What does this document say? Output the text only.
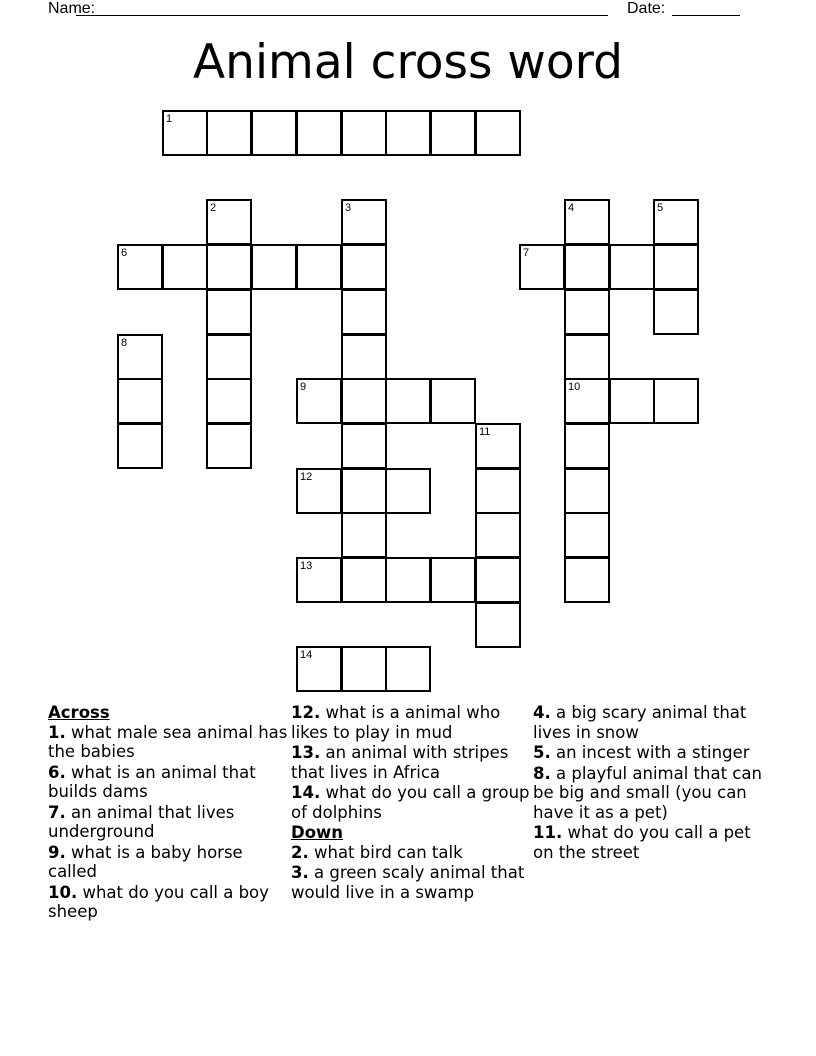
Name:	Date:
Animal cross word
1
6	7
9	10
12
13
14
2	3	4	5
8
11
Across
1. what male sea animal has the babies
6. what is an animal that builds dams
7. an animal that lives underground
9. what is a baby horse called
10. what do you call a boy sheep
12. what is a animal who likes to play in mud
13. an animal with stripes that lives in Africa
14. what do you call a group of dolphins
Down
2. what bird can talk
3. a green scaly animal that would live in a swamp
4. a big scary animal that lives in snow
5. an incest with a stinger
8. a playful animal that can be big and small (you can have it as a pet)
11. what do you call a pet on the street
